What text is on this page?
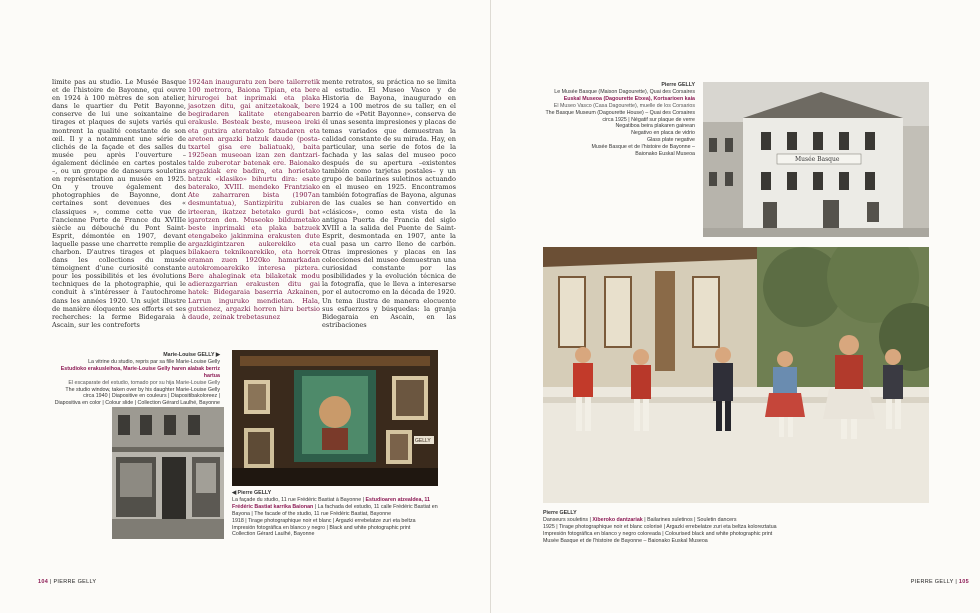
limite pas au studio. Le Musée Basque et de l'histoire de Bayonne, qui ouvre en 1924 à 100 mètres de son atelier, dans le quartier du Petit Bayonne, conserve de lui une soixantaine de tirages et plaques de sujets variés qui montrent la qualité constante de son œil. Il y a notamment une série de clichés de la façade et des salles du musée peu après l'ouverture – également déclinée en cartes postales –, ou un groupe de danseurs souletins en représentation au musée en 1925. On y trouve également des photographies de Bayonne, dont certaines sont devenues des « classiques », comme cette vue de l'ancienne Porte de France du XVIIIe siècle au débouché du Pont Saint-Esprit, démontée en 1907, devant laquelle passe une charrette remplie de charbon. D'autres tirages et plaques dans les collections du musée témoignent d'une curiosité constante pour les possibilités et les évolutions techniques de la photographie, qui le conduit à s'intéresser à l'autochrome dans les années 1920. Un sujet illustre de manière éloquente ses efforts et ses recherches: la ferme Bidegaraia à Ascain, sur les contreforts

1924an inauguratu zen bere tailerretik 100 metrora, Baiona Tipian, eta bere hirurogei bat inprimaki eta plaka jasotzen ditu, gai anitzetakoak, bere begiradaren kalitate etengabearen erakusle. Besteak beste, museoa ireki eta gutxira ateratako fatxadaren eta aretoen argazki batzuk daude (posta-txartel gisa ere baliatuak), baita 1925ean museoan izan zen dantzari-talde zuberotar batenak ere. Baionako argazkiak ere badira, eta horietako batzuk «klasiko» bihurtu dira: esate baterako, XVIII. mendeko Frantziako Ate zaharraren bista (1907an desmuntatua), Santizpiritu zubiaren irteeran, ikatzez betetako gurdi bat igarotzen den. Museoko bildumetako beste inprimaki eta plaka batzuek etengabeko jakinmina erakusten dute argazkigintzaren aukerekiko eta bilakaera teknikoarekiko, eta horrek eraman zuen 1920ko hamarkadan autokromoarekiko interesa piztera. Bere ahaleginak eta bilaketak modu adierazgarrian erakusten ditu gai hatek: Bidegaraia baserria Azkainen, Larrun inguruko mendietan. Hala, gutxienez, argazki horren hiru bertsio daude, zeinak trebetasunez

mente retratos, su práctica no se limita al estudio. El Museo Vasco y de Historia de Bayona, inaugurado en 1924 a 100 metros de su taller, en el barrio de «Petit Bayonne», conserva de él unas sesenta impresiones y placas de temas variados que demuestran la calidad constante de su mirada. Hay, en particular, una serie de fotos de la fachada y las salas del museo poco después de su apertura –existentes también como tarjetas postales– y un grupo de bailarines suletinos actuando en el museo en 1925. Encontramos también fotografías de Bayona, algunas de las cuales se han convertido en «clásicos», como esta vista de la antigua Puerta de Francia del siglo XVIII a la salida del Puente de Saint-Esprit, desmontada en 1907, ante la cual pasa un carro lleno de carbón. Otras impresiones y placas en las colecciones del museo demuestran una curiosidad constante por las posibilidades y la evolución técnica de la fotografía, que le lleva a interesarse por el autocromo en la década de 1920. Un tema ilustra de manera elocuente sus esfuerzos y búsquedas: la granja Bidegaraia en Ascain, en las estribaciones

Marie-Louise GELLY ▶
La vitrine du studio, repris par sa fille Marie-Louise Gelly
Estudioko erakusleihoa, Marie-Louise Gelly haren alabak berriz hartua
El escaparate del estudio, tomado por su hija Marie-Louise Gelly
The studio window, taken over by his daughter Marie-Louise Gelly
circa 1940 | Diapositive en couleurs | Diapositibakoloreez |
Diapositiva en color | Colour slide | Collection Gérard Laulhé, Bayonne
GELLY
◀ Pierre GELLY
La façade du studio, 11 rue Frédéric Bastiat à Bayonne | Estudioaren atzealdea, 11 Frédéric Bastiat karrika Baionan | La fachada del estudio, 11 calle Frédéric Bastiat en Bayona | The facade of the studio, 11 rue Frédéric Bastiat, Bayonne
1918 | Tirage photographique noir et blanc | Argazki errebelatze zuri eta beltza
Impresión fotográfica en blanco y negro | Black and white photographic print
Collection Gérard Laulhé, Bayonne
104 | PIERRE GELLY
Pierre GELLY
Le Musée Basque (Maison Dagourette), Quai des Corsaires
Euskal Museoa (Dagourette Etxea), Kortsarioen kaia
El Museo Vasco (Casa Dagourette), muelle de los Corsarios
The Basque Museum (Dagourette House) – Quai des Corsaires
circa 1925 | Négatif sur plaque de verre
Negatiboa beira plakaren gainean
Negativo en placa de vidrio
Glass plate negative
Musée Basque et de l'histoire de Bayonne –
Baionako Euskal Museoa
Musée Basque
Pierre GELLY
Danseurs souletins | Xiberoko dantzariak | Bailarines suletinos | Souletin dancers
1925 | Tirage photographique noir et blanc colorisé | Argazki errebelatze zuri eta beltza koloreztatua
Impresión fotográfica en blanco y negro coloreada | Colourised black and white photographic print
Musée Basque et de l'histoire de Bayonne – Baionako Euskal Museoa
PIERRE GELLY | 105
